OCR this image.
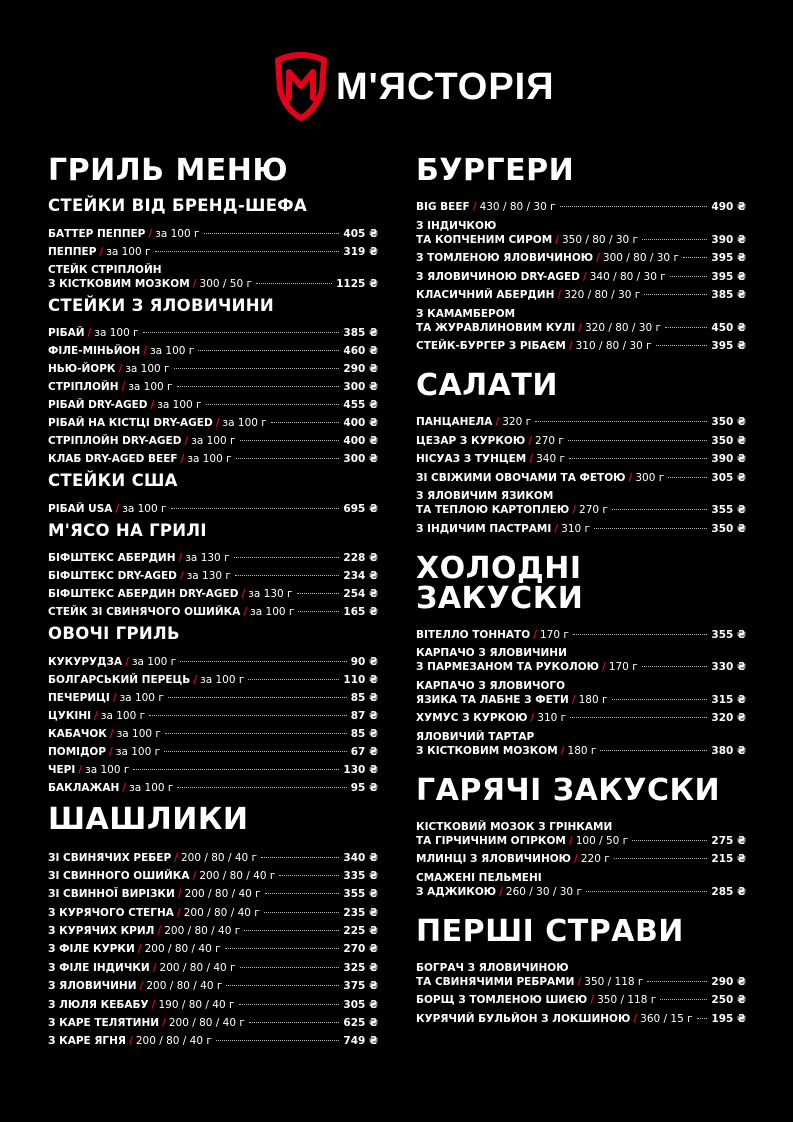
М'ЯСТОРІЯ
ГРИЛЬ МЕНЮ
СТЕЙКИ ВІД БРЕНД-ШЕФА
БАТТЕР ПЕППЕР / за 100 г	405 ₴
ПЕППЕР / за 100 г	319 ₴
СТЕЙК СТРІПЛОЙН
З КІСТКОВИМ МОЗКОМ / 300 / 50 г	1125 ₴
СТЕЙКИ З ЯЛОВИЧИНИ
РІБАЙ / за 100 г	385 ₴
ФІЛЕ-МІНЬЙОН / за 100 г	460 ₴
НЬЮ-ЙОРК / за 100 г	290 ₴
СТРІПЛОЙН / за 100 г	300 ₴
РІБАЙ DRY-AGED / за 100 г	455 ₴
РІБАЙ НА КІСТЦІ DRY-AGED / за 100 г	400 ₴
СТРІПЛОЙН DRY-AGED / за 100 г	400 ₴
КЛАБ DRY-AGED BEEF / за 100 г	300 ₴
СТЕЙКИ США
РІБАЙ USA / за 100 г	695 ₴
М'ЯСО НА ГРИЛІ
БІФШТЕКС АБЕРДИН / за 130 г	228 ₴
БІФШТЕКС DRY-AGED / за 130 г	234 ₴
БІФШТЕКС АБЕРДИН DRY-AGED / за 130 г	254 ₴
СТЕЙК ЗІ СВИНЯЧОГО ОШИЙКА / за 100 г	165 ₴
ОВОЧІ ГРИЛЬ
КУКУРУДЗА / за 100 г	90 ₴
БОЛГАРСЬКИЙ ПЕРЕЦЬ / за 100 г	110 ₴
ПЕЧЕРИЦІ / за 100 г	85 ₴
ЦУКІНІ / за 100 г	87 ₴
КАБАЧОК / за 100 г	85 ₴
ПОМІДОР / за 100 г	67 ₴
ЧЕРІ / за 100 г	130 ₴
БАКЛАЖАН / за 100 г	95 ₴
ШАШЛИКИ
ЗІ СВИНЯЧИХ РЕБЕР / 200 / 80 / 40 г	340 ₴
ЗІ СВИННОГО ОШИЙКА / 200 / 80 / 40 г	335 ₴
ЗІ СВИННОЇ ВИРІЗКИ / 200 / 80 / 40 г	355 ₴
З КУРЯЧОГО СТЕГНА / 200 / 80 / 40 г	235 ₴
З КУРЯЧИХ КРИЛ / 200 / 80 / 40 г	225 ₴
З ФІЛЕ КУРКИ / 200 / 80 / 40 г	270 ₴
З ФІЛЕ ІНДИЧКИ / 200 / 80 / 40 г	325 ₴
З ЯЛОВИЧИНИ / 200 / 80 / 40 г	375 ₴
З ЛЮЛЯ КЕБАБУ / 190 / 80 / 40 г	305 ₴
З КАРЕ ТЕЛЯТИНИ / 200 / 80 / 40 г	625 ₴
З КАРЕ ЯГНЯ / 200 / 80 / 40 г	749 ₴
БУРГЕРИ
BIG BEEF / 430 / 80 / 30 г	490 ₴
З ІНДИЧКОЮ
ТА КОПЧЕНИМ СИРОМ / 350 / 80 / 30 г	390 ₴
З ТОМЛЕНОЮ ЯЛОВИЧИНОЮ / 300 / 80 / 30 г	395 ₴
З ЯЛОВИЧИНОЮ DRY-AGED / 340 / 80 / 30 г	395 ₴
КЛАСИЧНИЙ АБЕРДИН / 320 / 80 / 30 г	385 ₴
З КАМАМБЕРОМ
ТА ЖУРАВЛИНОВИМ КУЛІ / 320 / 80 / 30 г	450 ₴
СТЕЙК-БУРГЕР З РІБАЄМ / 310 / 80 / 30 г	395 ₴
САЛАТИ
ПАНЦАНЕЛА / 320 г	350 ₴
ЦЕЗАР З КУРКОЮ / 270 г	350 ₴
НІСУАЗ З ТУНЦЕМ / 340 г	390 ₴
ЗІ СВІЖИМИ ОВОЧАМИ ТА ФЕТОЮ / 300 г	305 ₴
З ЯЛОВИЧИМ ЯЗИКОМ
ТА ТЕПЛОЮ КАРТОПЛЕЮ / 270 г	355 ₴
З ІНДИЧИМ ПАСТРАМІ / 310 г	350 ₴
ХОЛОДНІ ЗАКУСКИ
ВІТЕЛЛО ТОННАТО / 170 г	355 ₴
КАРПАЧО З ЯЛОВИЧИНИ
З ПАРМЕЗАНОМ ТА РУКОЛОЮ / 170 г	330 ₴
КАРПАЧО З ЯЛОВИЧОГО
ЯЗИКА ТА ЛАБНЕ З ФЕТИ / 180 г	315 ₴
ХУМУС З КУРКОЮ / 310 г	320 ₴
ЯЛОВИЧИЙ ТАРТАР
З КІСТКОВИМ МОЗКОМ / 180 г	380 ₴
ГАРЯЧІ ЗАКУСКИ
КІСТКОВИЙ МОЗОК З ГРІНКАМИ
ТА ГІРЧИЧНИМ ОГІРКОМ / 100 / 50 г	275 ₴
МЛИНЦІ З ЯЛОВИЧИНОЮ / 220 г	215 ₴
СМАЖЕНІ ПЕЛЬМЕНІ
З АДЖИКОЮ / 260 / 30 / 30 г	285 ₴
ПЕРШІ СТРАВИ
БОГРАЧ З ЯЛОВИЧИНОЮ
ТА СВИНЯЧИМИ РЕБРАМИ / 350 / 118 г	290 ₴
БОРЩ З ТОМЛЕНОЮ ШИЄЮ / 350 / 118 г	250 ₴
КУРЯЧИЙ БУЛЬЙОН З ЛОКШИНОЮ / 360 / 15 г 195 ₴
